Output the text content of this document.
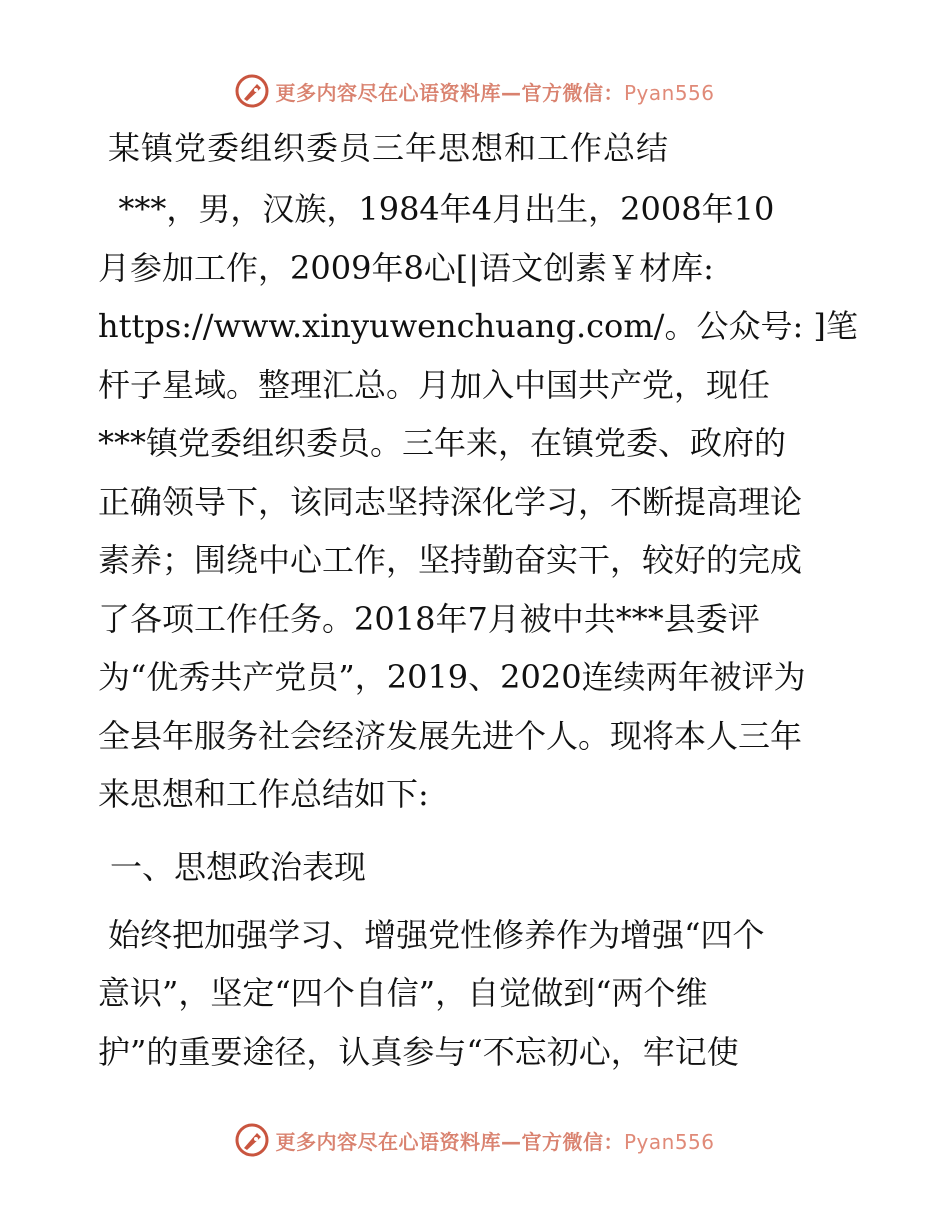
更多内容尽在心语资料库—官方微信：Pyan556
某镇党委组织委员三年思想和工作总结

***，男，汉族，1984年4月出生，2008年10
月参加工作，2009年8心[|语文创素￥材库:
https://www.xinyuwenchuang.com/。公众号: ]笔
杆子星域。整理汇总。月加入中国共产党，现任
***镇党委组织委员。三年来，在镇党委、政府的
正确领导下，该同志坚持深化学习，不断提高理论
素养；围绕中心工作，坚持勤奋实干，较好的完成
了各项工作任务。2018年7月被中共***县委评
为“优秀共产党员”，2019、2020连续两年被评为
全县年服务社会经济发展先进个人。现将本人三年
来思想和工作总结如下:

一、思想政治表现

始终把加强学习、增强党性修养作为增强“四个
意识”，坚定“四个自信”，自觉做到“两个维
护”的重要途径，认真参与“不忘初心，牢记使

更多内容尽在心语资料库—官方微信：Pyan556
